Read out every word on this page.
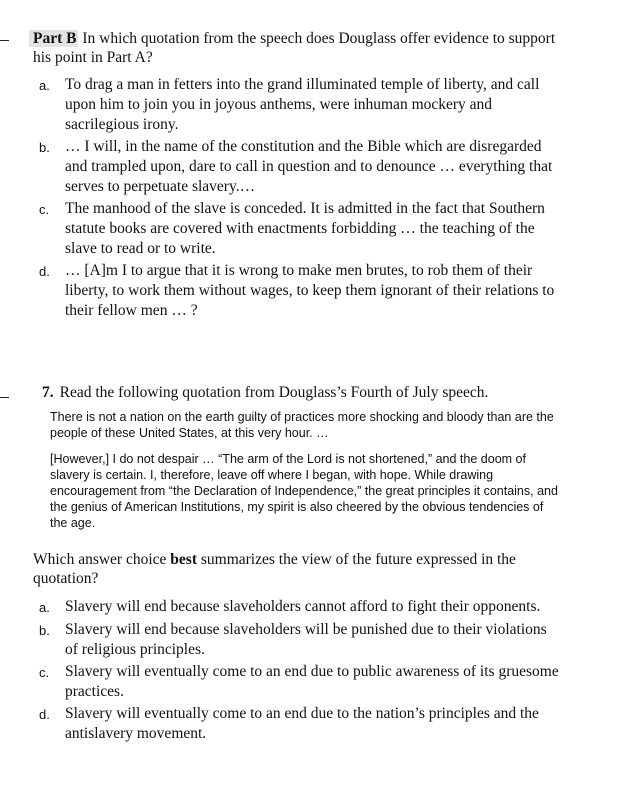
Part B In which quotation from the speech does Douglass offer evidence to support his point in Part A?
a. To drag a man in fetters into the grand illuminated temple of liberty, and call upon him to join you in joyous anthems, were inhuman mockery and sacrilegious irony.
b. … I will, in the name of the constitution and the Bible which are disregarded and trampled upon, dare to call in question and to denounce … everything that serves to perpetuate slavery.…
c.	The manhood of the slave is conceded. It is admitted in the fact that Southern statute books are covered with enactments forbidding … the teaching of the slave to read or to write.
d. … [A]m I to argue that it is wrong to make men brutes, to rob them of their liberty, to work them without wages, to keep them ignorant of their relations to their fellow men … ?
7. Read the following quotation from Douglass’s Fourth of July speech.
There is not a nation on the earth guilty of practices more shocking and bloody than are the people of these United States, at this very hour. …
[However,] I do not despair … “The arm of the Lord is not shortened,” and the doom of slavery is certain. I, therefore, leave off where I began, with hope. While drawing encouragement from “the Declaration of Independence,” the great principles it contains, and the genius of American Institutions, my spirit is also cheered by the obvious tendencies of the age.
Which answer choice best summarizes the view of the future expressed in the quotation?
a. Slavery will end because slaveholders cannot afford to fight their opponents.
b. Slavery will end because slaveholders will be punished due to their violations of religious principles.
c.	Slavery will eventually come to an end due to public awareness of its gruesome practices.
d. Slavery will eventually come to an end due to the nation’s principles and the antislavery movement.
